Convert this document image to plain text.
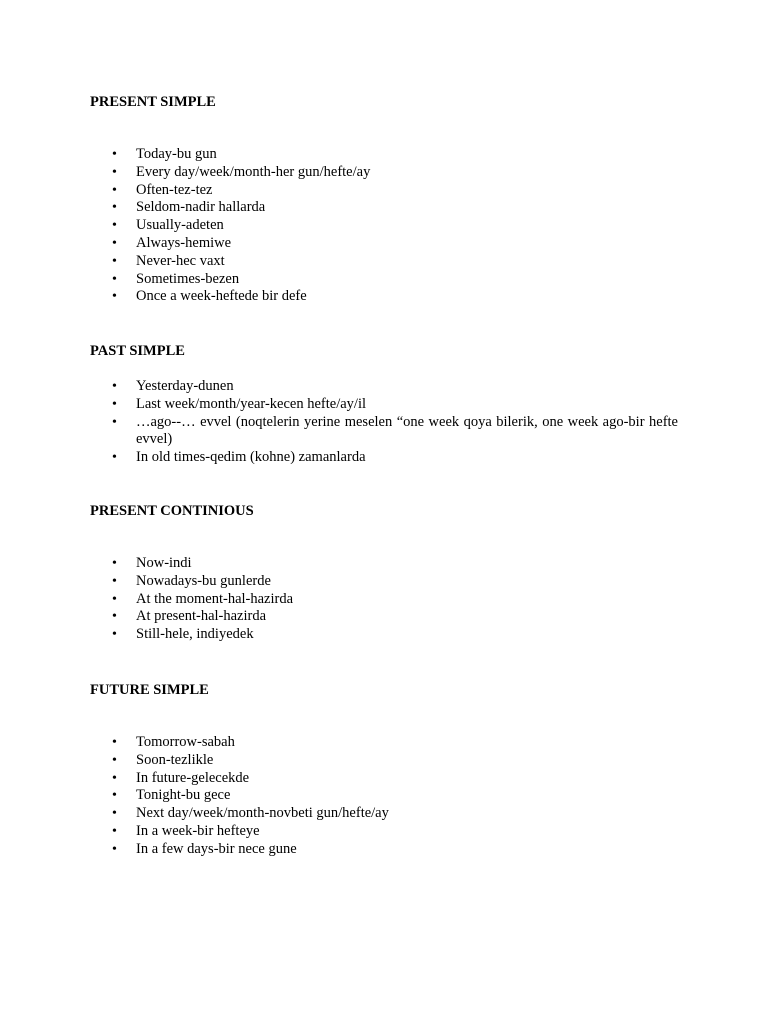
PRESENT SIMPLE

• Today-bu gun
• Every day/week/month-her gun/hefte/ay
• Often-tez-tez
• Seldom-nadir hallarda
• Usually-adeten
• Always-hemiwe
• Never-hec vaxt
• Sometimes-bezen
• Once a week-heftede bir defe

PAST SIMPLE

• Yesterday-dunen
• Last week/month/year-kecen hefte/ay/il
• …ago--… evvel (noqtelerin yerine meselen “one week qoya bilerik, one week ago-bir hefte evvel)
• In old times-qedim (kohne) zamanlarda

PRESENT CONTINIOUS

• Now-indi
• Nowadays-bu gunlerde
• At the moment-hal-hazirda
• At present-hal-hazirda
• Still-hele, indiyedek

FUTURE SIMPLE

• Tomorrow-sabah
• Soon-tezlikle
• In future-gelecekde
• Tonight-bu gece
• Next day/week/month-novbeti gun/hefte/ay
• In a week-bir hefteye
• In a few days-bir nece gune
